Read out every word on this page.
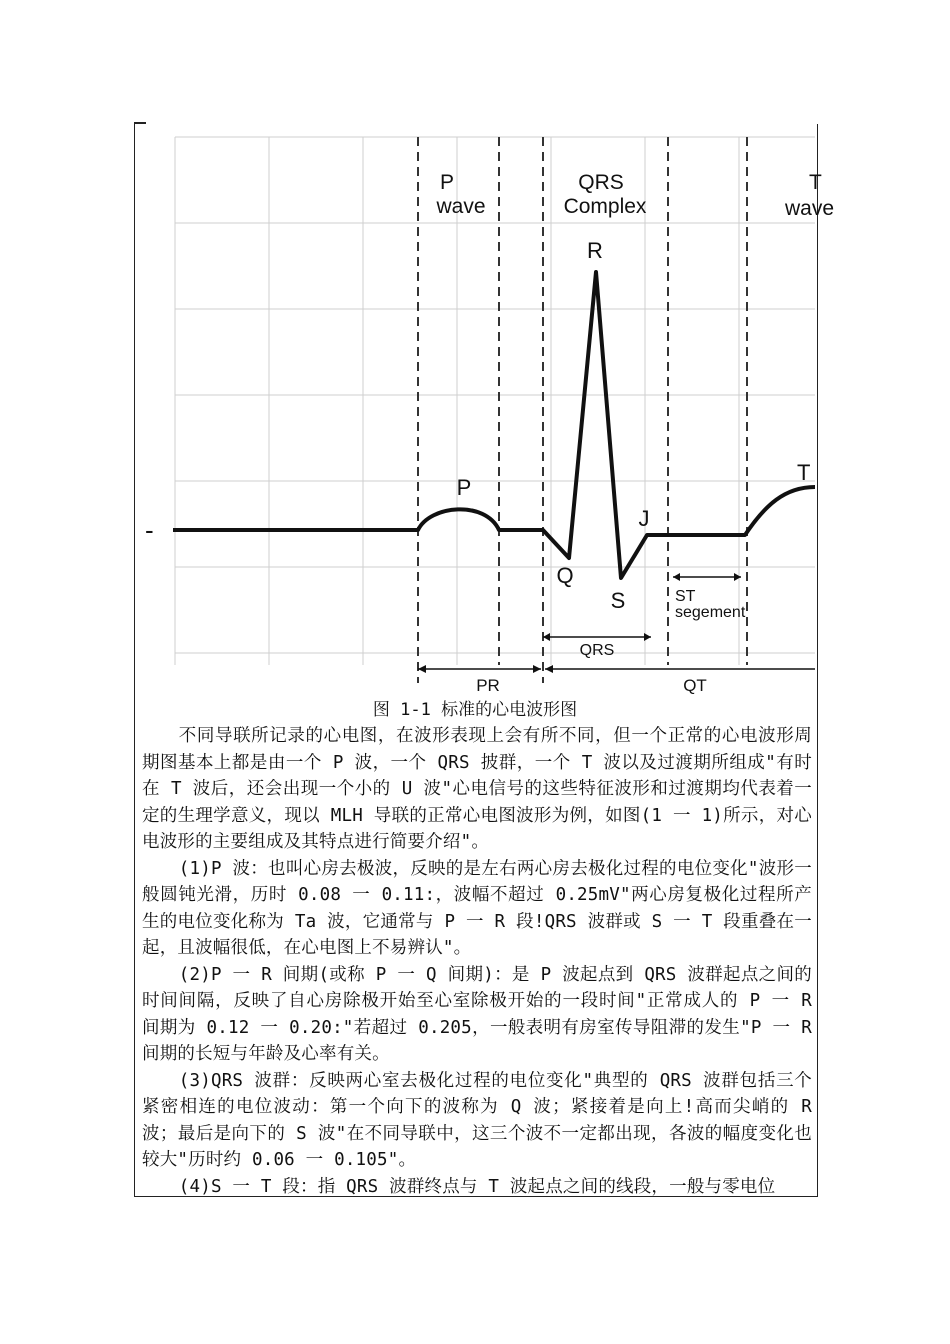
-
P
wave
QRS
Complex
T
wave
R
P
J
Q
S
T
ST
segement
QRS
PR	QT
图 1-1 标准的心电波形图

不同导联所记录的心电图，在波形表现上会有所不同，但一个正常的心电波形周期图基本上都是由一个 P 波，一个 QRS 披群，一个 T 波以及过渡期所组成"有时在 T 波后，还会出现一个小的 U 波"心电信号的这些特征波形和过渡期均代表着一定的生理学意义，现以 MLH 导联的正常心电图波形为例，如图(1 一 1)所示，对心电波形的主要组成及其特点进行简要介绍"。

(1)P 波：也叫心房去极波，反映的是左右两心房去极化过程的电位变化"波形一般圆钝光滑，历时 0.08 一 0.11:，波幅不超过 0.25mV"两心房复极化过程所产生的电位变化称为 Ta 波，它通常与 P 一 R 段!QRS 波群或 S 一 T 段重叠在一起，且波幅很低，在心电图上不易辨认"。

(2)P 一 R 间期(或称 P 一 Q 间期)：是 P 波起点到 QRS 波群起点之间的时间间隔，反映了自心房除极开始至心室除极开始的一段时间"正常成人的 P 一 R 间期为 0.12 一 0.20:"若超过 0.205，一般表明有房室传导阻滞的发生"P 一 R 间期的长短与年龄及心率有关。

(3)QRS 波群：反映两心室去极化过程的电位变化"典型的 QRS 波群包括三个紧密相连的电位波动：第一个向下的波称为 Q 波；紧接着是向上!高而尖峭的 R 波；最后是向下的 S 波"在不同导联中，这三个波不一定都出现，各波的幅度变化也较大"历时约 0.06 一 0.105"。

(4)S 一 T 段：指 QRS 波群终点与 T 波起点之间的线段，一般与零电位
